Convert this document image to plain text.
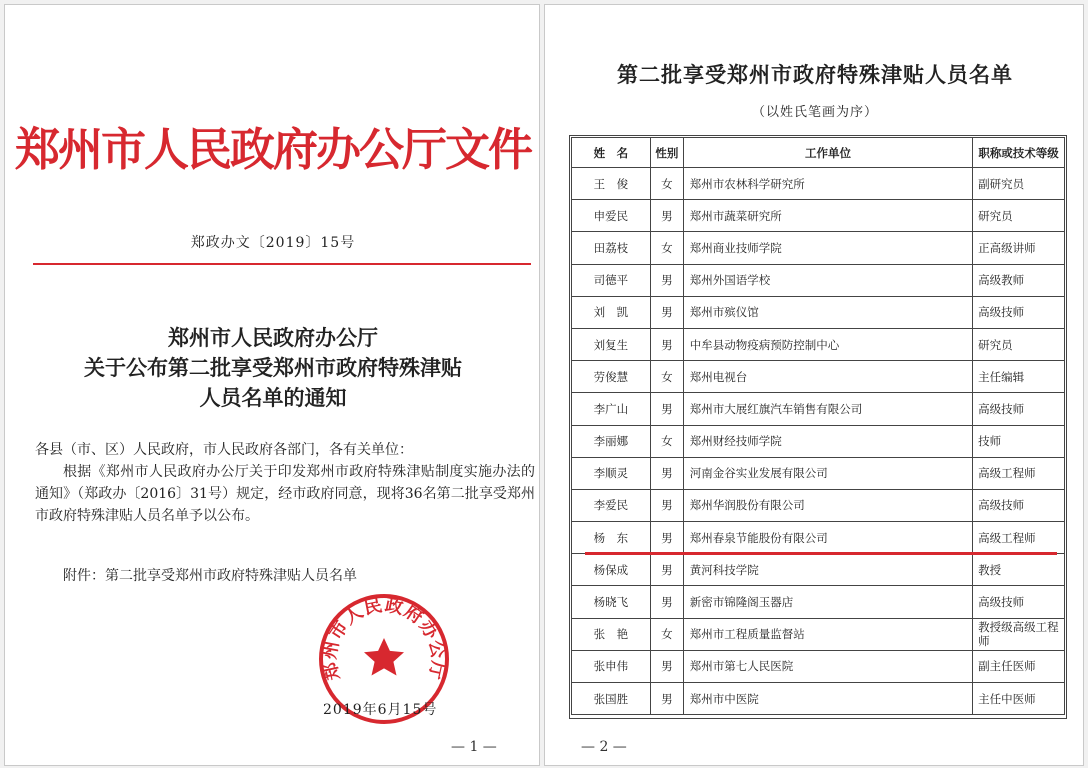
郑州市人民政府办公厅文件
郑政办文〔2019〕15号
郑州市人民政府办公厅
关于公布第二批享受郑州市政府特殊津贴
人员名单的通知
各县（市、区）人民政府，市人民政府各部门，各有关单位：
根据《郑州市人民政府办公厅关于印发郑州市政府特殊津贴制度实施办法的通知》（郑政办〔2016〕31号）规定，经市政府同意，现将36名第二批享受郑州市政府特殊津贴人员名单予以公布。
附件：第二批享受郑州市政府特殊津贴人员名单
郑州市人民政府办公厅
2019年6月15号
— 1 —
第二批享受郑州市政府特殊津贴人员名单
（以姓氏笔画为序）
姓　名	性别	工作单位	职称或技术等级
王　俊	女	郑州市农林科学研究所	副研究员
申爱民	男	郑州市蔬菜研究所	研究员
田荔枝	女	郑州商业技师学院	正高级讲师
司德平	男	郑州外国语学校	高级教师
刘　凯	男	郑州市殡仪馆	高级技师
刘复生	男	中牟县动物疫病预防控制中心	研究员
劳俊慧	女	郑州电视台	主任编辑
李广山	男	郑州市大展红旗汽车销售有限公司	高级技师
李丽娜	女	郑州财经技师学院	技师
李顺灵	男	河南金谷实业发展有限公司	高级工程师
李爱民	男	郑州华润股份有限公司	高级技师
杨　东	男	郑州春泉节能股份有限公司	高级工程师
杨保成	男	黄河科技学院	教授
杨晓飞	男	新密市锦隆阁玉器店	高级技师
张　艳	女	郑州市工程质量监督站	教授级高级工程师
张申伟	男	郑州市第七人民医院	副主任医师
张国胜	男	郑州市中医院	主任中医师
— 2 —
